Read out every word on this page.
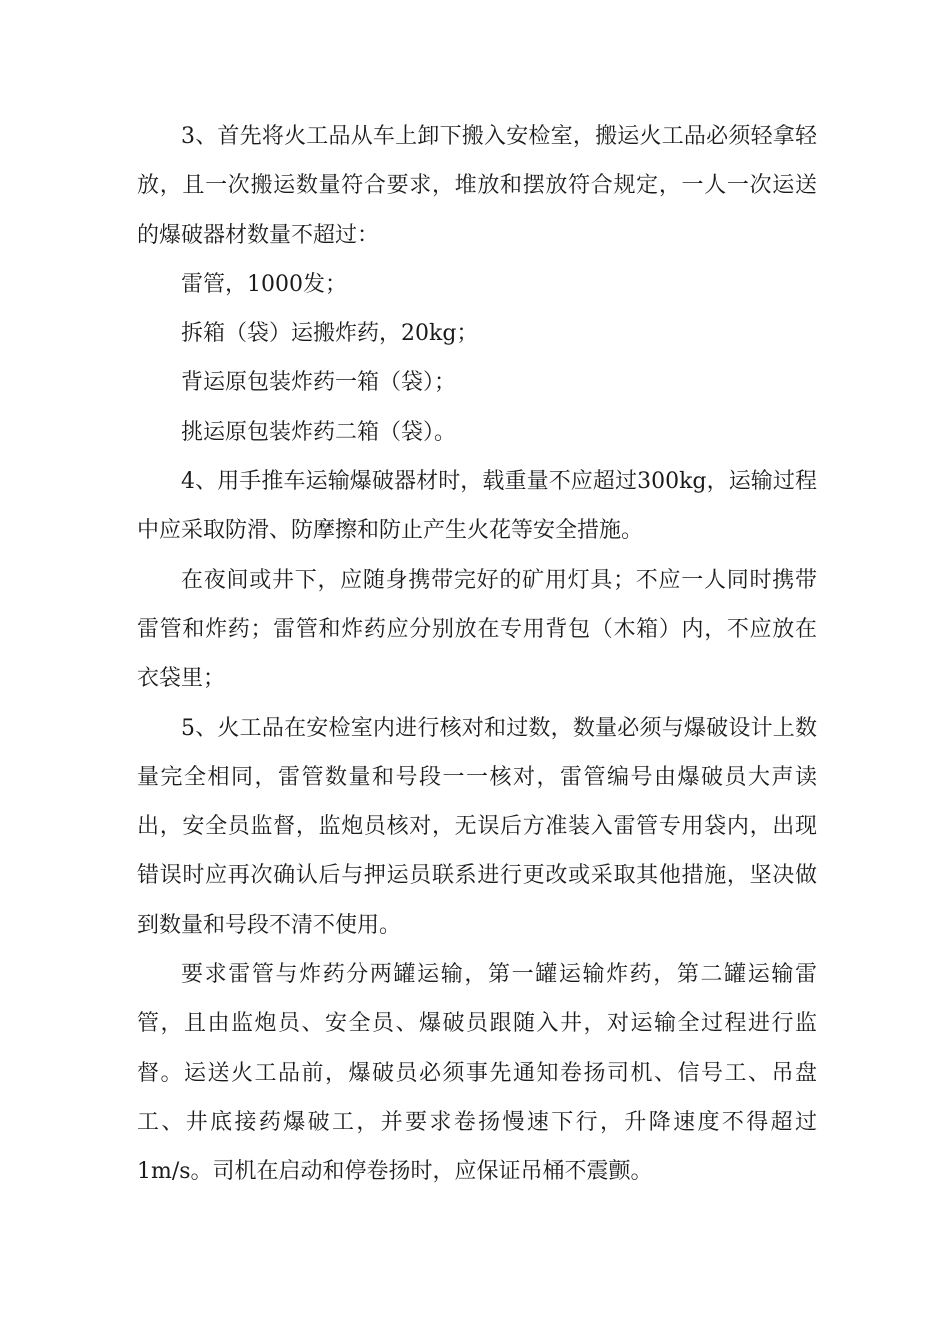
3、首先将火工品从车上卸下搬入安检室，搬运火工品必须轻拿轻放，且一次搬运数量符合要求，堆放和摆放符合规定，一人一次运送的爆破器材数量不超过：

雷管，1000发；

拆箱（袋）运搬炸药，20kg；

背运原包装炸药一箱（袋）；

挑运原包装炸药二箱（袋）。

4、用手推车运输爆破器材时，载重量不应超过300kg，运输过程中应采取防滑、防摩擦和防止产生火花等安全措施。

在夜间或井下，应随身携带完好的矿用灯具；不应一人同时携带雷管和炸药；雷管和炸药应分别放在专用背包（木箱）内，不应放在衣袋里；

5、火工品在安检室内进行核对和过数，数量必须与爆破设计上数量完全相同，雷管数量和号段一一核对，雷管编号由爆破员大声读出，安全员监督，监炮员核对，无误后方准装入雷管专用袋内，出现错误时应再次确认后与押运员联系进行更改或采取其他措施，坚决做到数量和号段不清不使用。

要求雷管与炸药分两罐运输，第一罐运输炸药，第二罐运输雷管，且由监炮员、安全员、爆破员跟随入井，对运输全过程进行监督。运送火工品前，爆破员必须事先通知卷扬司机、信号工、吊盘工、井底接药爆破工，并要求卷扬慢速下行，升降速度不得超过1m/s。司机在启动和停卷扬时，应保证吊桶不震颤。
